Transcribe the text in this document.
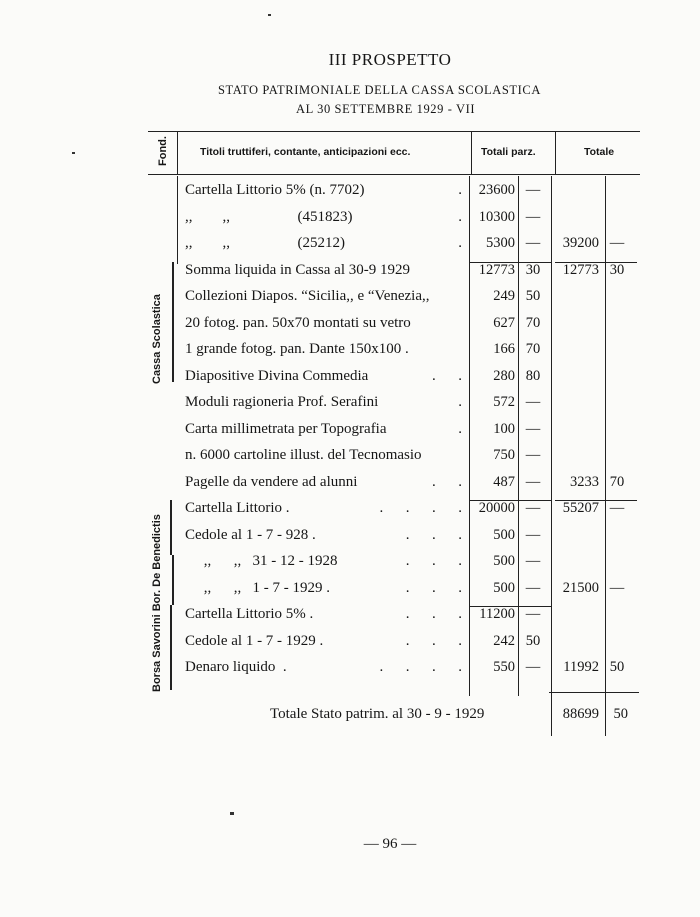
III PROSPETTO
STATO PATRIMONIALE DELLA CASSA SCOLASTICA
AL 30 SETTEMBRE 1929 - VII
Fond.	Titoli truttiferi, contante, anticipazioni ecc.	Totali parz.	Totale
Cassa Scolastica
Borsa Savorini Bor. De Benedictis
Cartella Littorio 5% (n. 7702)	.	23600 —
,,        ,,                  (451823)	.	10300 —
,,        ,,                  (25212)	.	5300 —	39200 —
Somma liquida in Cassa al 30-9 1929	12773 30	12773 30
Collezioni Diapos. “Sicilia,, e “Venezia,,	249 50
20 fotog. pan. 50x70 montati su vetro	627 70
1 grande fotog. pan. Dante 150x100 .	166 70
Diapositive Divina Commedia	.      .	280 80
Moduli ragioneria Prof. Serafini	.	572 —
Carta millimetrata per Topografia	.	100 —
n. 6000 cartoline illust. del Tecnomasio	750 —
Pagelle da vendere ad alunni	.      .	487 —	3233 70
Cartella Littorio .	.      .      .      .	20000 —	55207 —
Cedole al 1 - 7 - 928 .	.      .      .	500 —
,,      ,,   31 - 12 - 1928	.      .      .	500 —
,,      ,,   1 - 7 - 1929 .	.      .      .	500 —	21500 —
Cartella Littorio 5% .	.      .      .	11200 —
Cedole al 1 - 7 - 1929 .	.      .      .	242 50
Denaro liquido  .	.      .      .      .	550 —	11992 50
Totale Stato patrim. al 30 - 9 - 1929	88699	50
— 96 —
